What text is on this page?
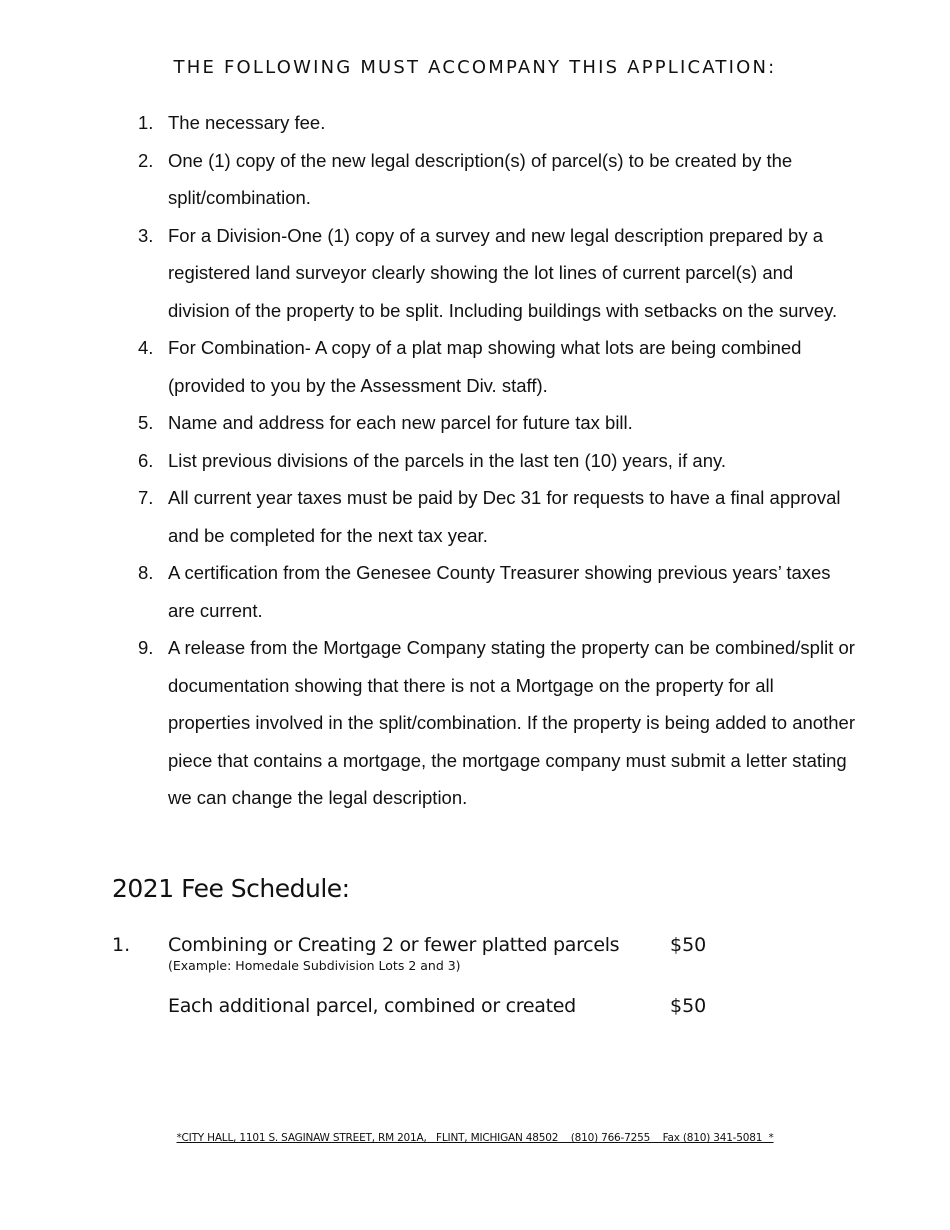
THE FOLLOWING MUST ACCOMPANY THIS APPLICATION:
1. The necessary fee.
2. One (1) copy of the new legal description(s) of parcel(s) to be created by the split/combination.
3. For a Division-One (1) copy of a survey and new legal description prepared by a registered land surveyor clearly showing the lot lines of current parcel(s) and division of the property to be split. Including buildings with setbacks on the survey.
4. For Combination- A copy of a plat map showing what lots are being combined (provided to you by the Assessment Div. staff).
5. Name and address for each new parcel for future tax bill.
6. List previous divisions of the parcels in the last ten (10) years, if any.
7. All current year taxes must be paid by Dec 31 for requests to have a final approval and be completed for the next tax year.
8. A certification from the Genesee County Treasurer showing previous years’ taxes are current.
9. A release from the Mortgage Company stating the property can be combined/split or documentation showing that there is not a Mortgage on the property for all properties involved in the split/combination. If the property is being added to another piece that contains a mortgage, the mortgage company must submit a letter stating we can change the legal description.
2021 Fee Schedule:
1. Combining or Creating 2 or fewer platted parcels
(Example: Homedale Subdivision Lots 2 and 3)
$50
Each additional parcel, combined or created	$50
*CITY HALL, 1101 S. SAGINAW STREET, RM 201A,   FLINT, MICHIGAN 48502    (810) 766-7255    Fax (810) 341-5081  *
